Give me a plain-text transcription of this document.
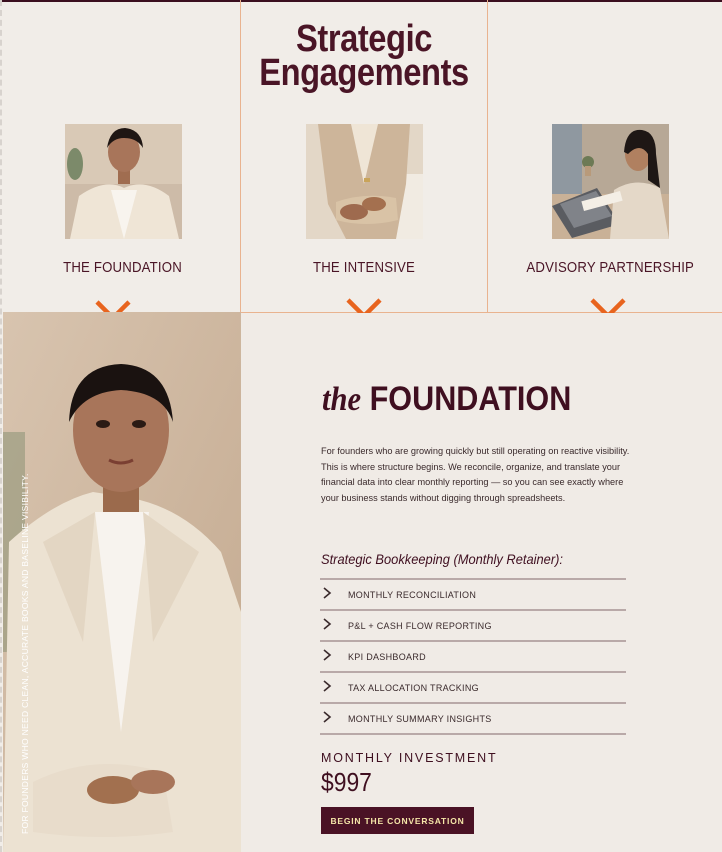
Strategic
Engagements
THE FOUNDATION	THE INTENSIVE	ADVISORY PARTNERSHIP
FOR FOUNDERS WHO NEED CLEAN, ACCURATE BOOKS AND BASELINE VISIBILITY.
the FOUNDATION

For founders who are growing quickly but still operating on reactive visibility. This is where structure begins. We reconcile, organize, and translate your financial data into clear monthly reporting — so you can see exactly where your business stands without digging through spreadsheets.

Strategic Bookkeeping (Monthly Retainer):
MONTHLY RECONCILIATION
P&L + CASH FLOW REPORTING
KPI DASHBOARD
TAX ALLOCATION TRACKING
MONTHLY SUMMARY INSIGHTS
MONTHLY INVESTMENT
$997
BEGIN THE CONVERSATION
